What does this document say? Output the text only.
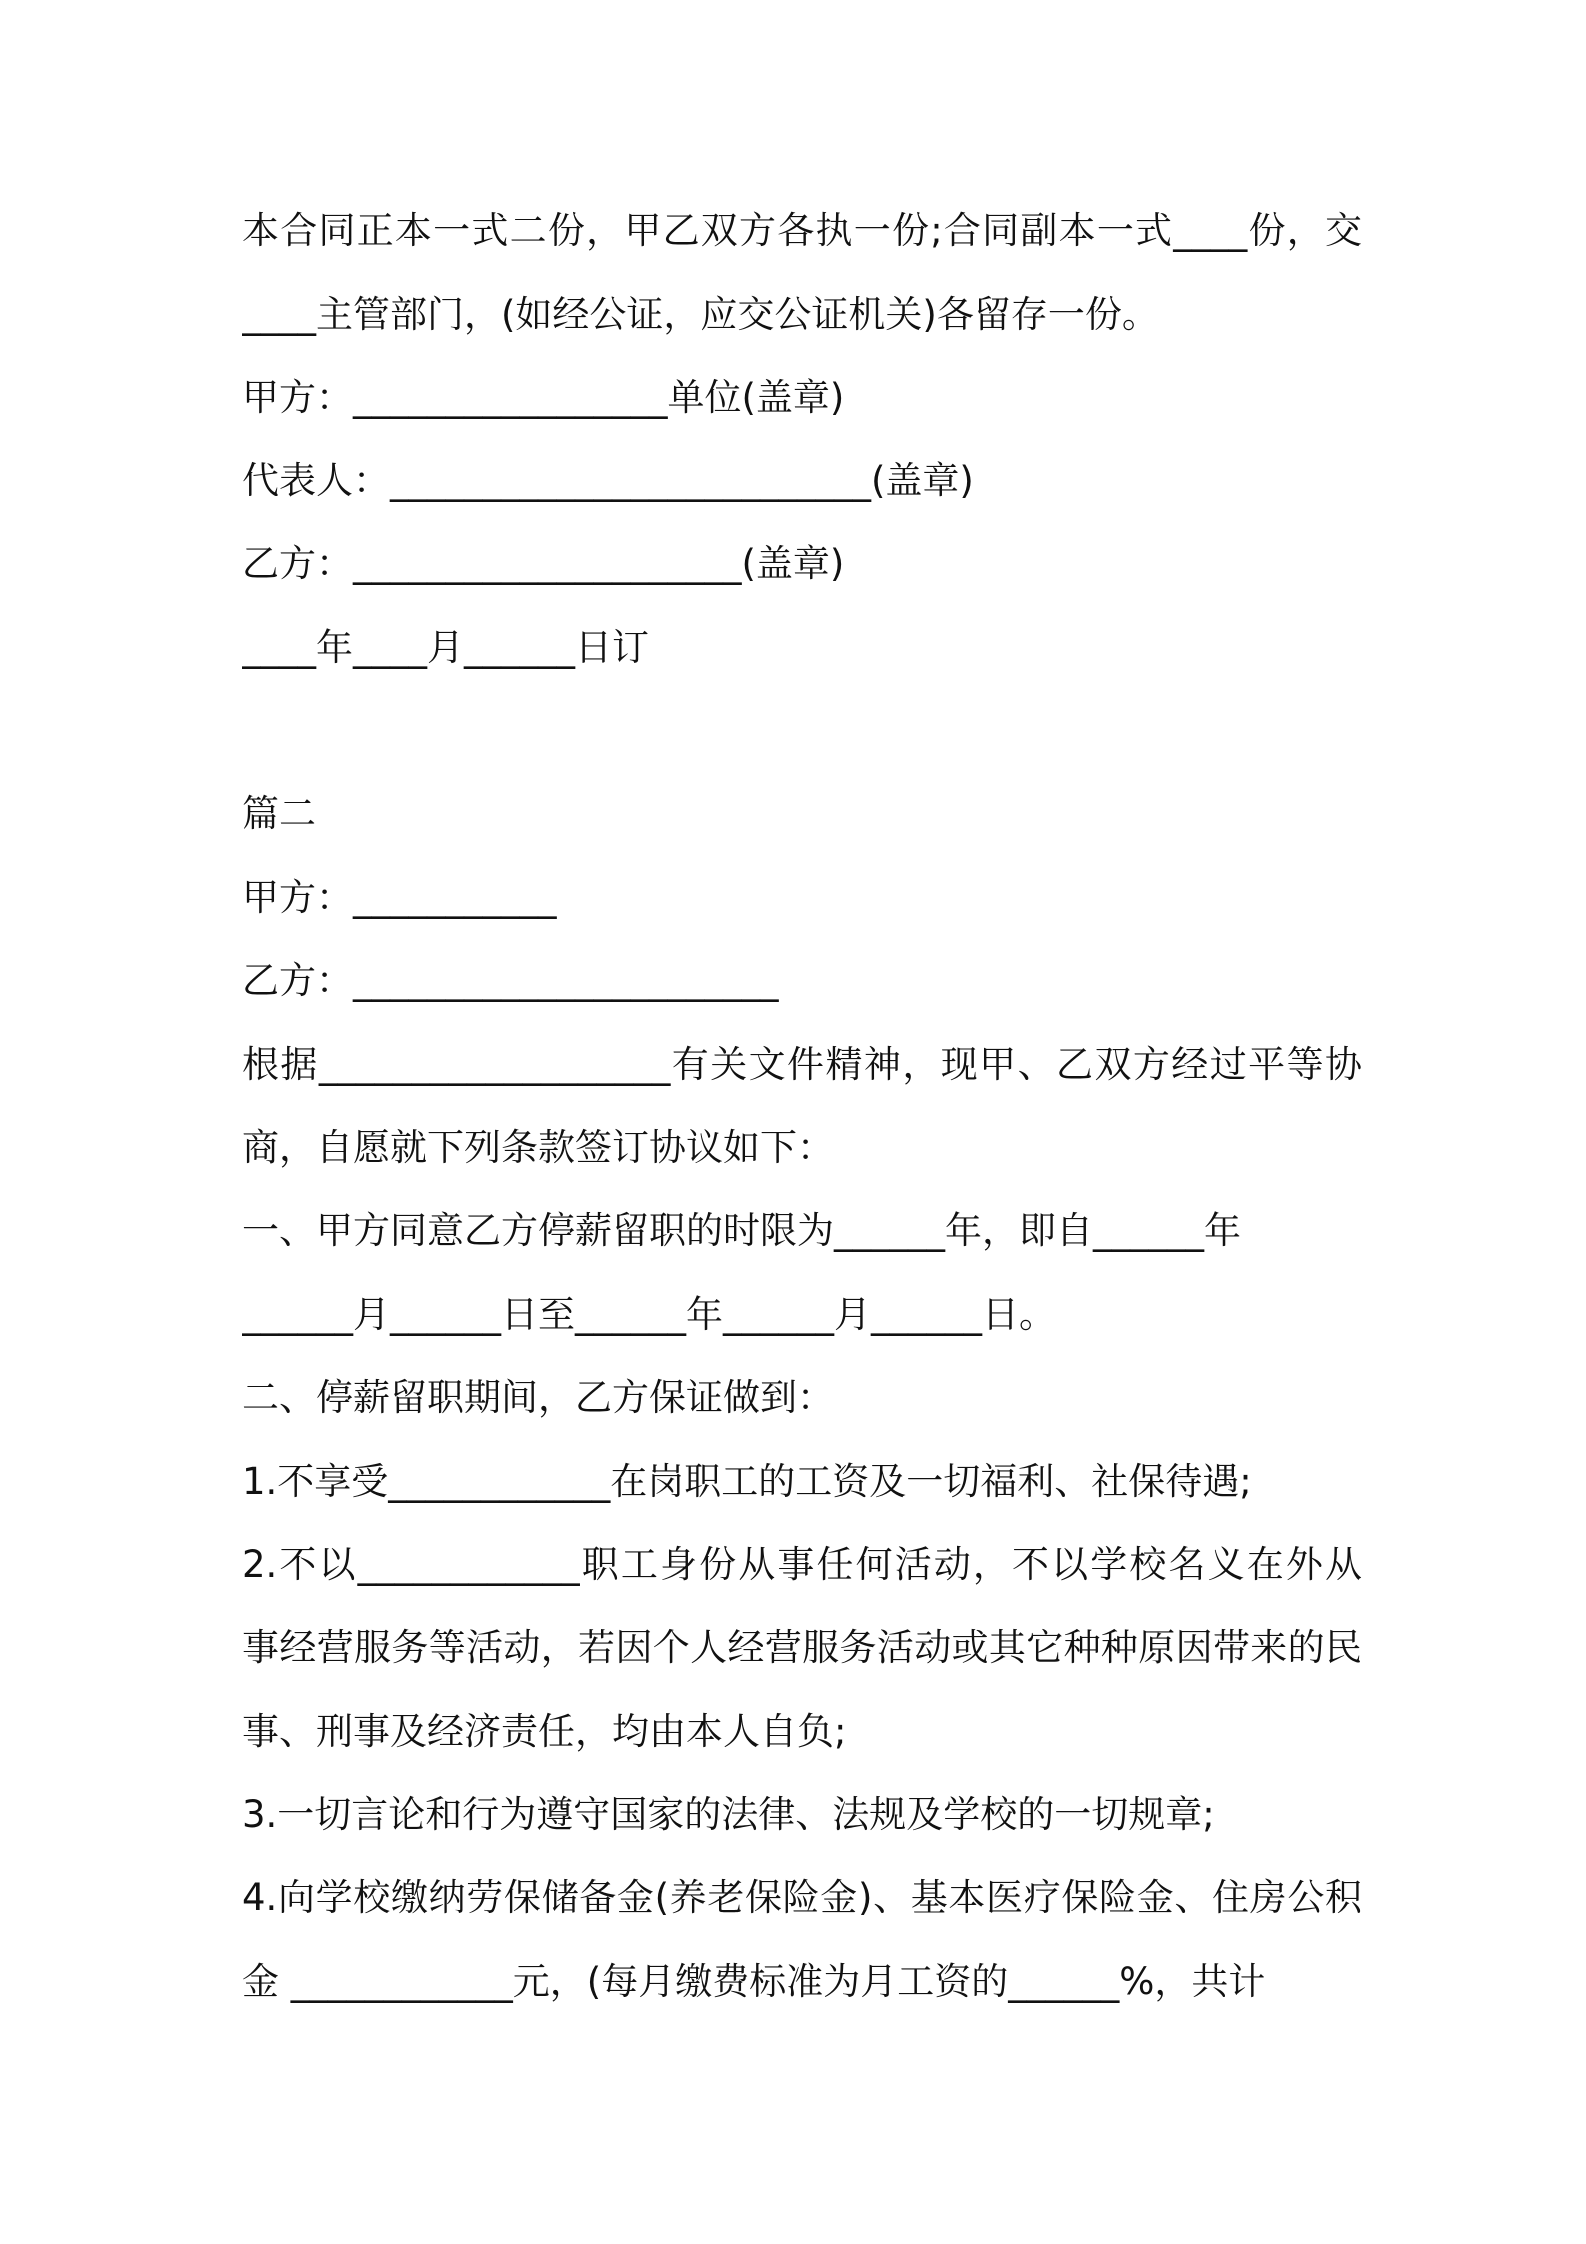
本合同正本一式二份，甲乙双方各执一份;合同副本一式____份，交
____主管部门，(如经公证，应交公证机关)各留存一份。
甲方：_________________单位(盖章)
代表人：__________________________(盖章)
乙方：_____________________(盖章)
____年____月______日订
篇二
甲方：___________
乙方：_______________________
根据___________________有关文件精神，现甲、乙双方经过平等协
商，自愿就下列条款签订协议如下：
一、甲方同意乙方停薪留职的时限为______年，即自______年
______月______日至______年______月______日。
二、停薪留职期间，乙方保证做到：
1.不享受____________在岗职工的工资及一切福利、社保待遇;
2.不以____________职工身份从事任何活动，不以学校名义在外从
事经营服务等活动，若因个人经营服务活动或其它种种原因带来的民
事、刑事及经济责任，均由本人自负;
3.一切言论和行为遵守国家的法律、法规及学校的一切规章;
4.向学校缴纳劳保储备金(养老保险金)、基本医疗保险金、住房公积
金 ____________元，(每月缴费标准为月工资的______%，共计
